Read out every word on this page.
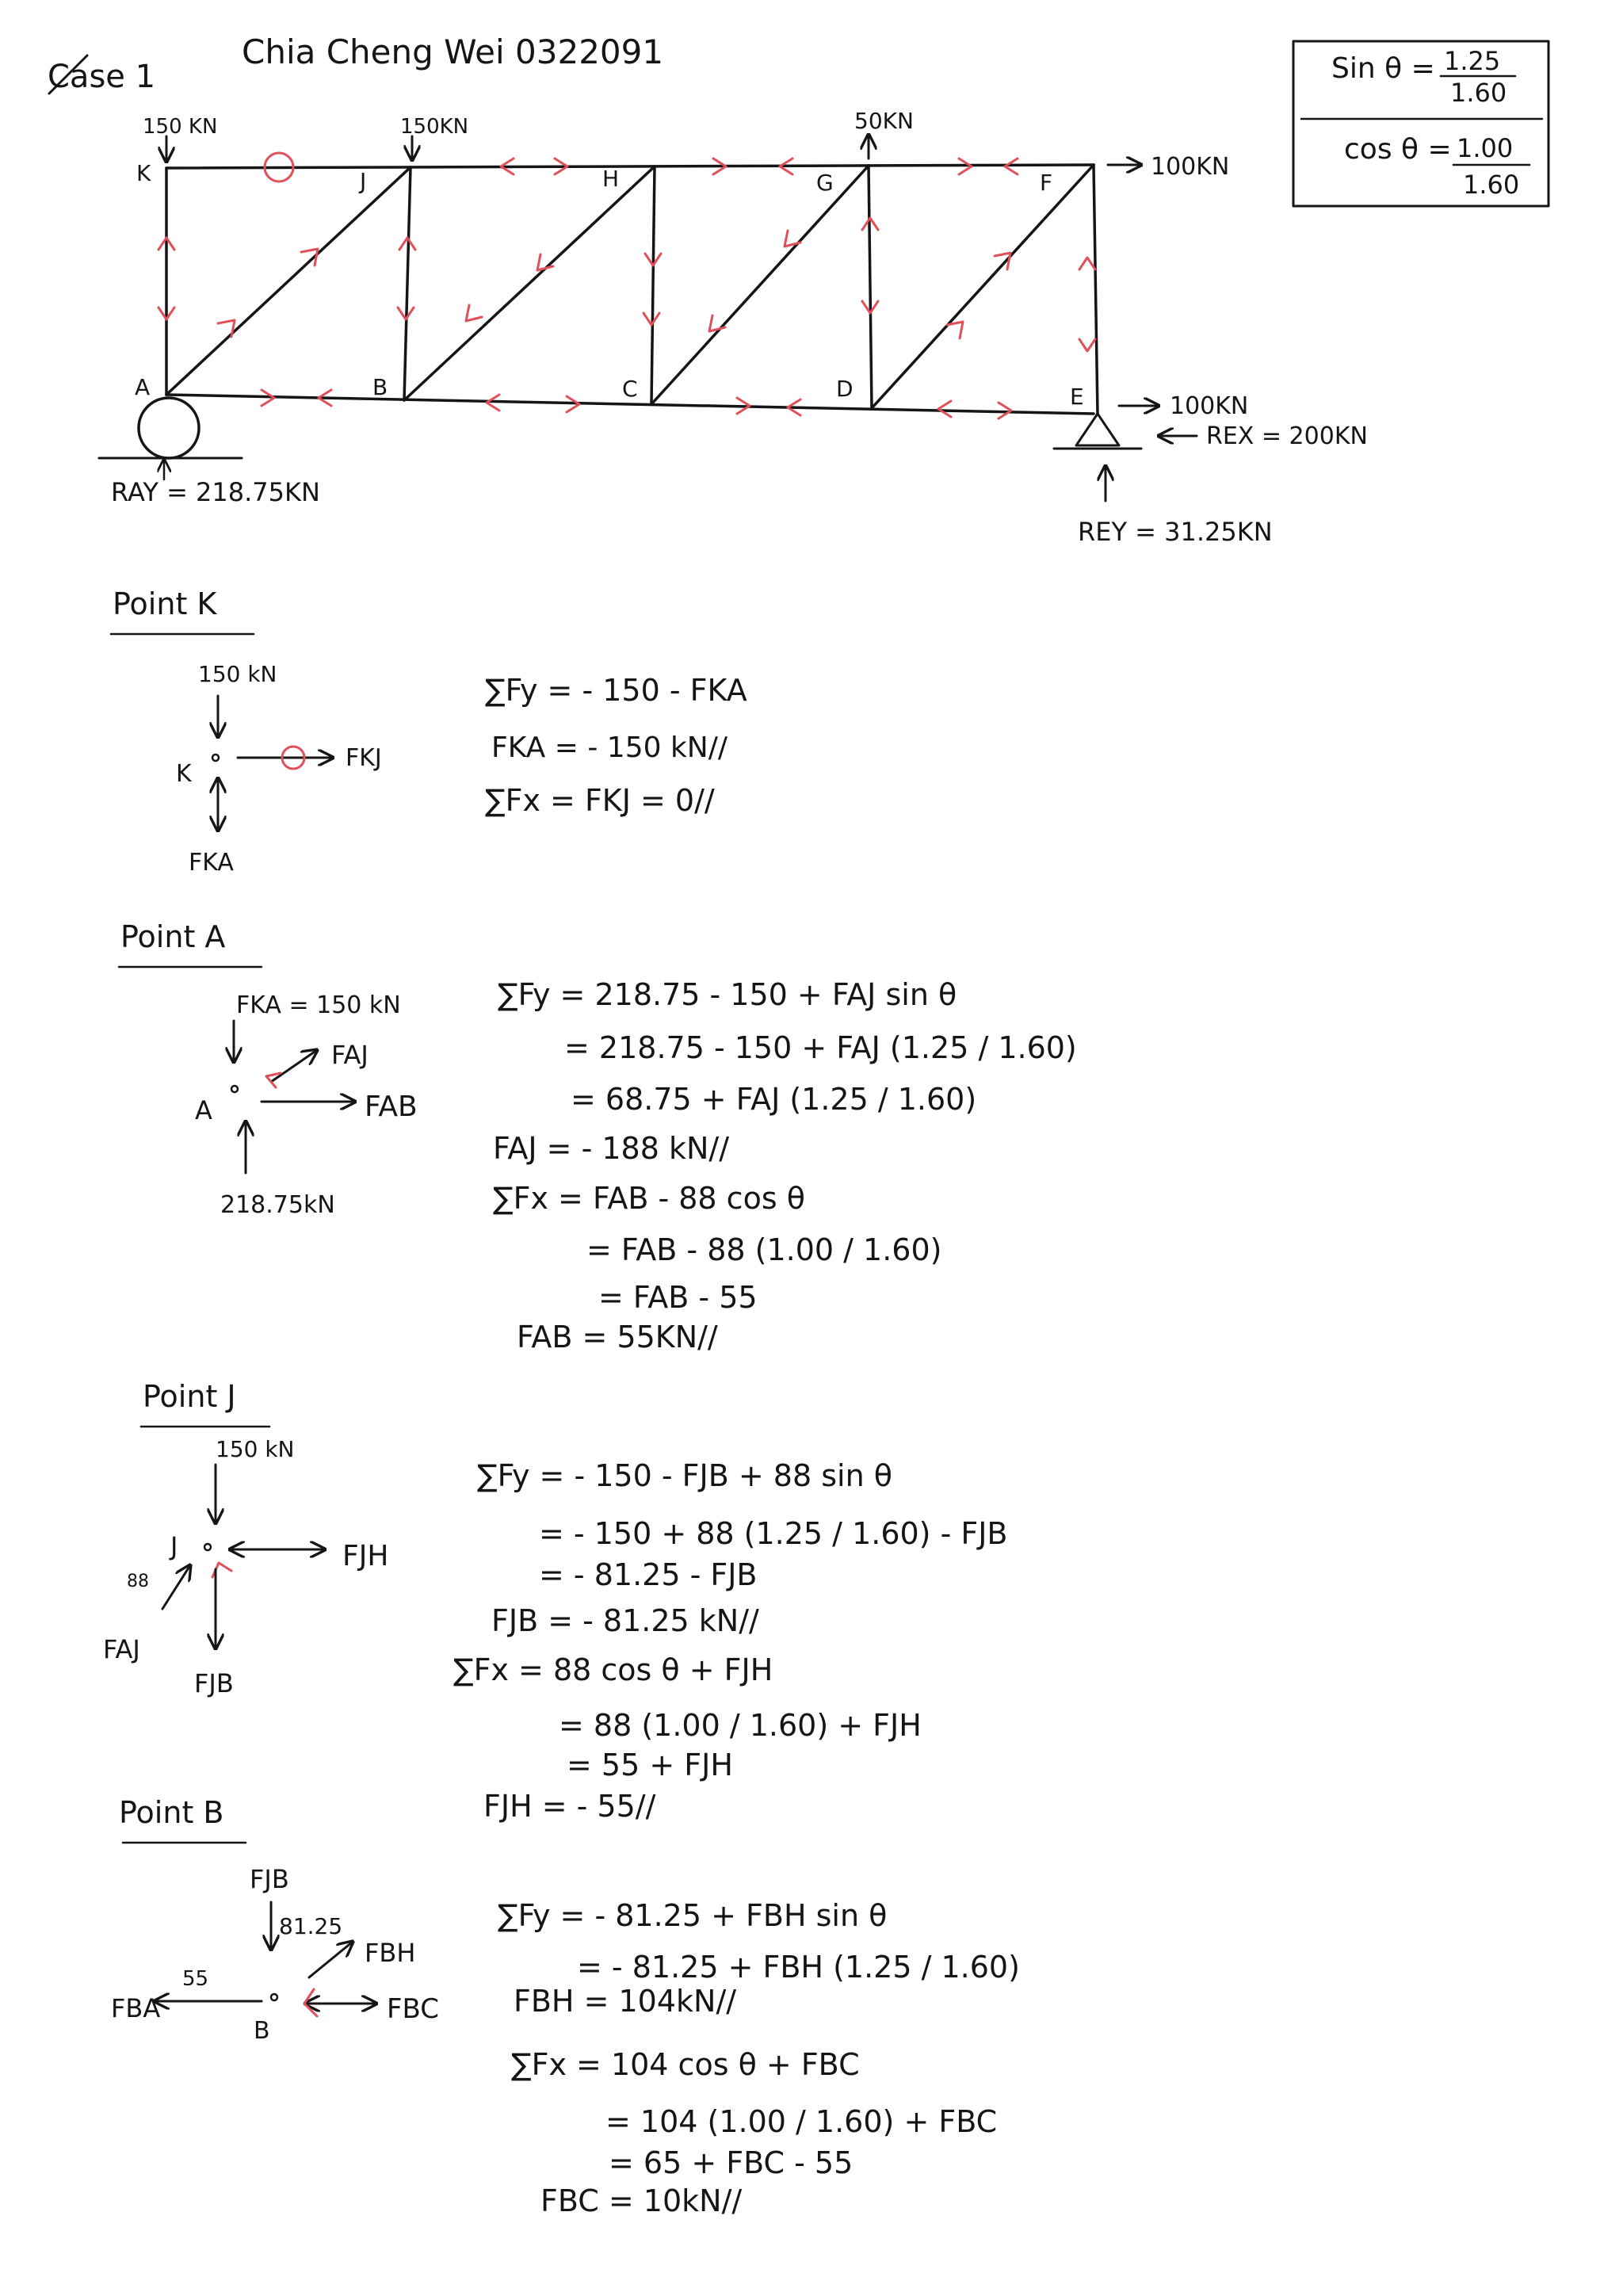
Case 1
Chia Cheng Wei 0322091	Sin θ = 1.25
1.60
cos θ = 1.00
1.60
K	J	H	G	F
A	B	C	D	E
150 KN	150KN	50KN
100KN
100KN
RAY = 218.75KN
REX = 200KN
REY = 31.25KN
Point K
150 kN
K
FKJ
FKA
∑Fy = - 150 - FKA
FKA = - 150 kN//
∑Fx = FKJ = 0//
Point A
FKA = 150 kN
FAJ
A	FAB
218.75kN
∑Fy = 218.75 - 150 + FAJ sin θ
= 218.75 - 150 + FAJ (1.25 / 1.60)
= 68.75 + FAJ (1.25 / 1.60)
FAJ = - 188 kN//
∑Fx = FAB - 88 cos θ
= FAB - 88 (1.00 / 1.60)
= FAB - 55
FAB = 55KN//
Point J
150 kN
J	FJH
88
FAJ
FJB
∑Fy = - 150 - FJB + 88 sin θ
= - 150 + 88 (1.25 / 1.60) - FJB
= - 81.25 - FJB
FJB = - 81.25 kN//
∑Fx = 88 cos θ + FJH
= 88 (1.00 / 1.60) + FJH
= 55 + FJH
FJH = - 55//
Point B
FJB
81.25
FBH
55
FBA
B
FBC
∑Fy = - 81.25 + FBH sin θ
= - 81.25 + FBH (1.25 / 1.60)
FBH = 104kN//
∑Fx = 104 cos θ + FBC
= 104 (1.00 / 1.60) + FBC
= 65 + FBC - 55
FBC = 10kN//
